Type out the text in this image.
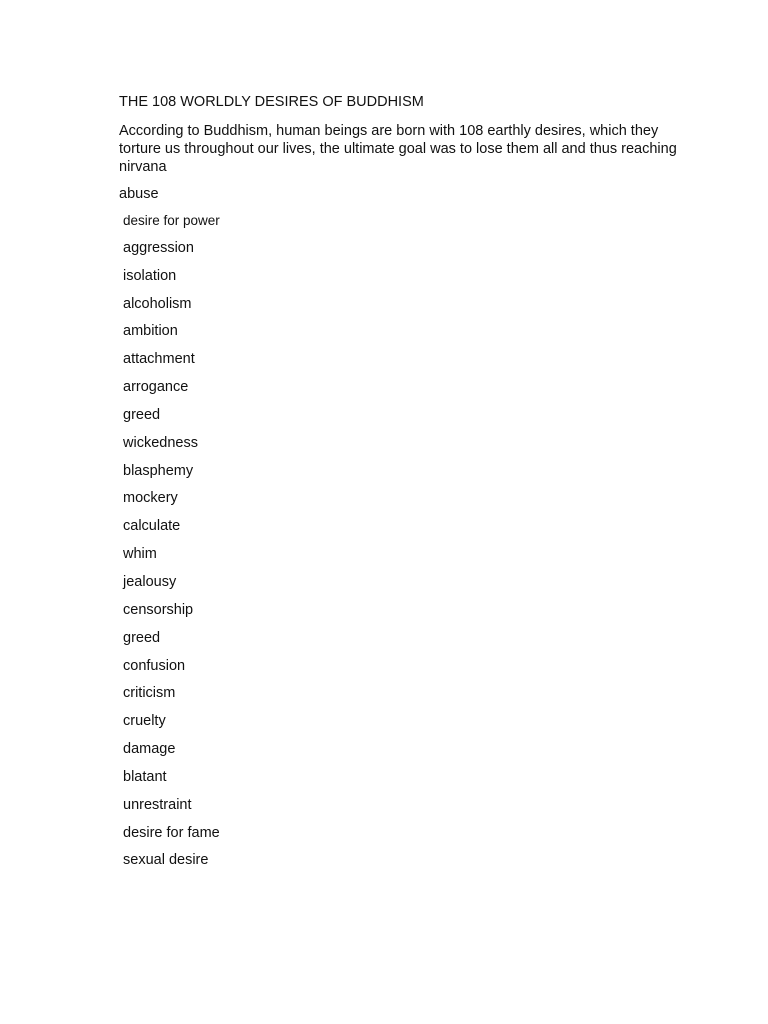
THE 108 WORLDLY DESIRES OF BUDDHISM
According to Buddhism, human beings are born with 108 earthly desires, which they torture us throughout our lives, the ultimate goal was to lose them all and thus reaching nirvana
abuse
desire for power
aggression
isolation
alcoholism
ambition
attachment
arrogance
greed
wickedness
blasphemy
mockery
calculate
whim
jealousy
censorship
greed
confusion
criticism
cruelty
damage
blatant
unrestraint
desire for fame
sexual desire
